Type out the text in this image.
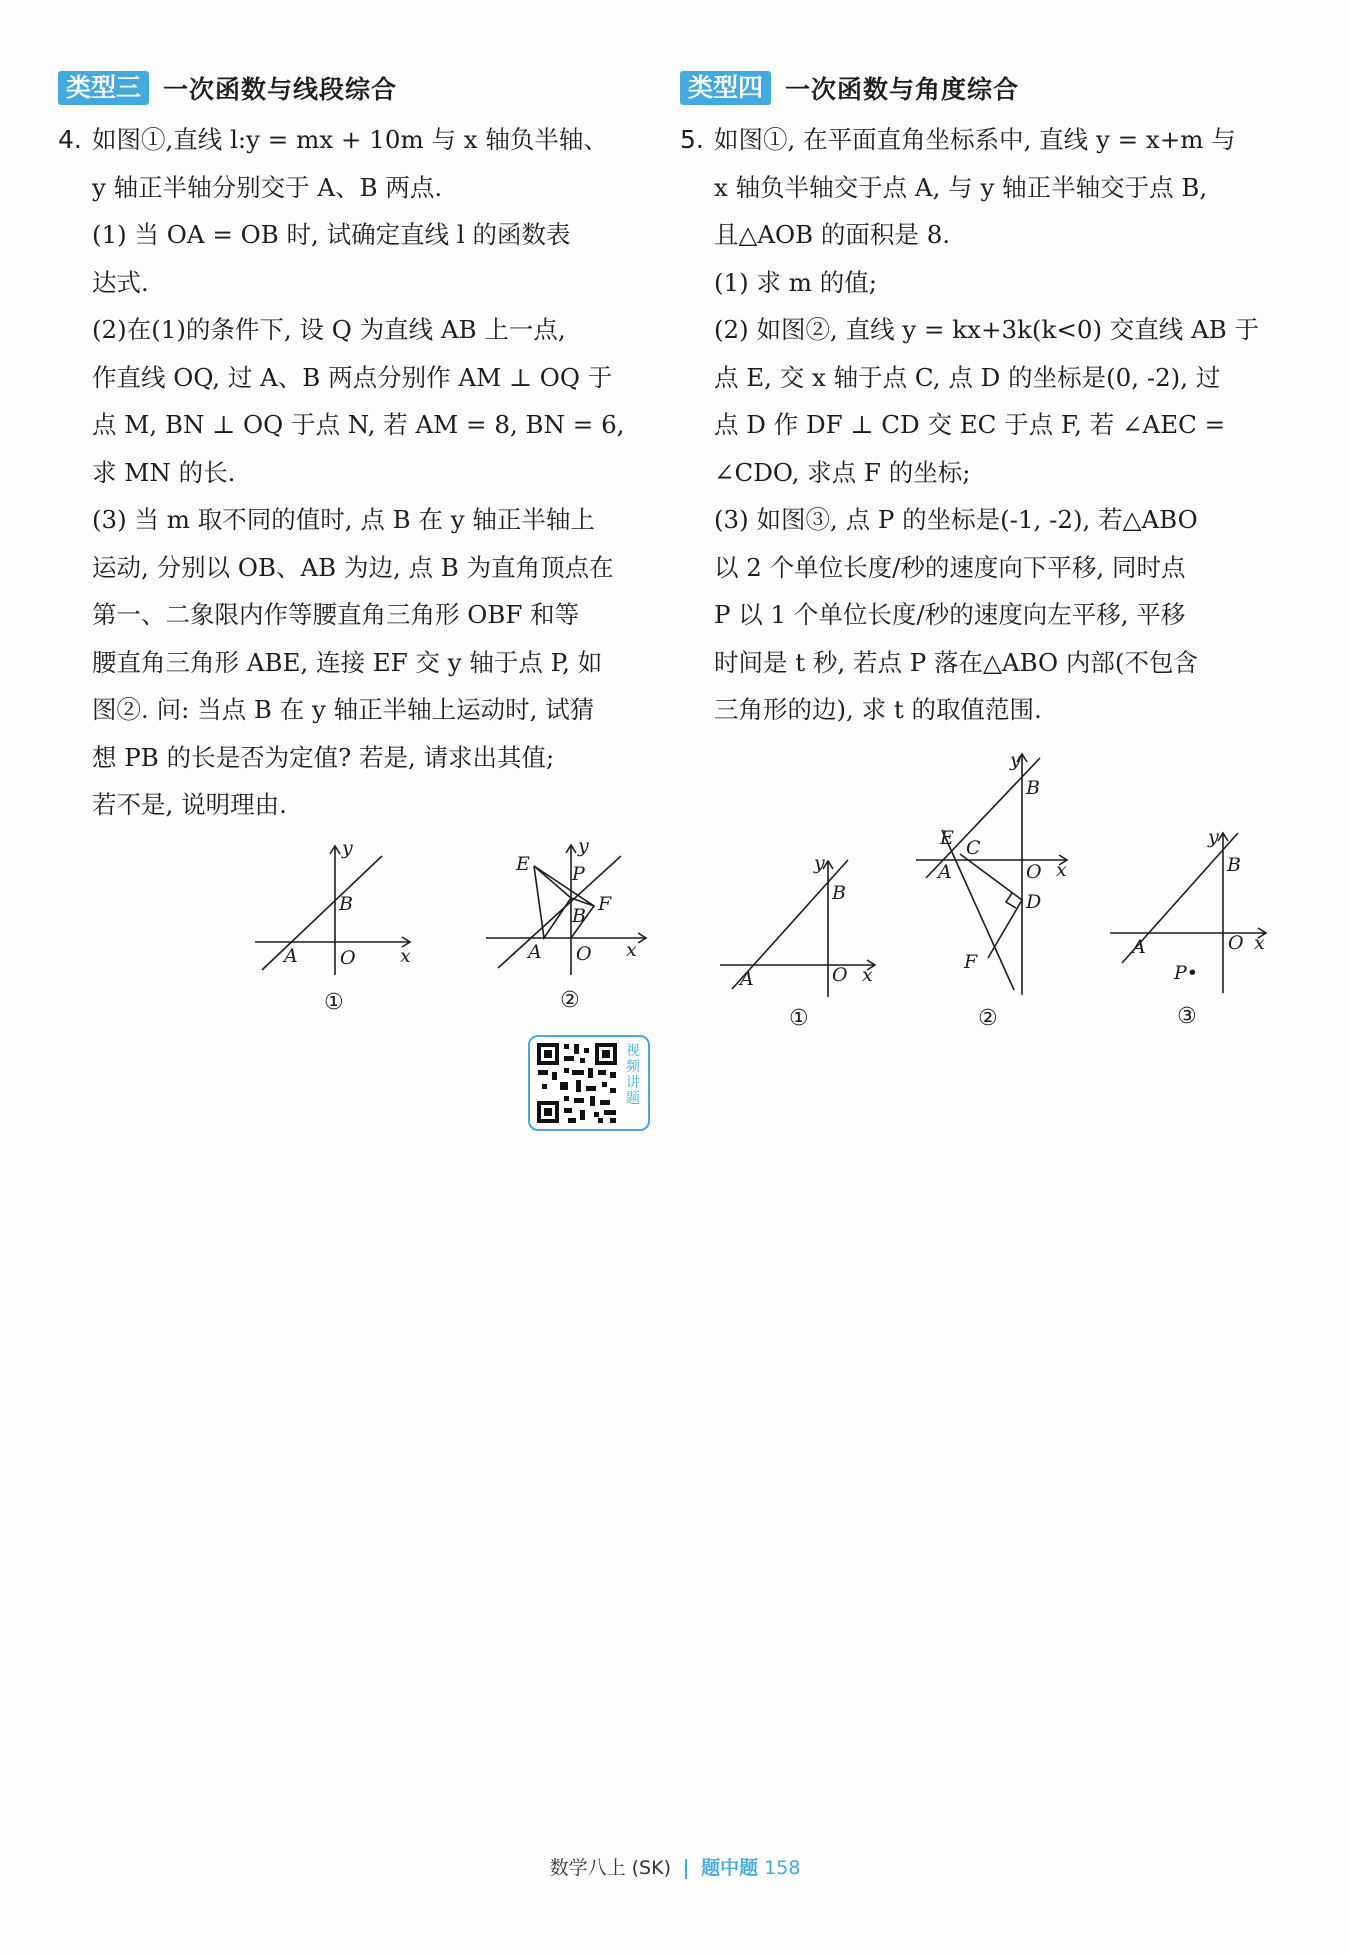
类型三 一次函数与线段综合
4. 如图①,直线 l:y = mx + 10m 与 x 轴负半轴、
y 轴正半轴分别交于 A、B 两点.
(1) 当 OA = OB 时, 试确定直线 l 的函数表
达式.
(2)在(1)的条件下, 设 Q 为直线 AB 上一点,
作直线 OQ, 过 A、B 两点分别作 AM ⊥ OQ 于
点 M, BN ⊥ OQ 于点 N, 若 AM = 8, BN = 6,
求 MN 的长.
(3) 当 m 取不同的值时, 点 B 在 y 轴正半轴上
运动, 分别以 OB、AB 为边, 点 B 为直角顶点在
第一、二象限内作等腰直角三角形 OBF 和等
腰直角三角形 ABE, 连接 EF 交 y 轴于点 P, 如
图②. 问: 当点 B 在 y 轴正半轴上运动时, 试猜
想 PB 的长是否为定值? 若是, 请求出其值;
若不是, 说明理由.
y
x
A
B
O
①
y
x
E P
F
B
A O
②
视频讲题
类型四 一次函数与角度综合
5. 如图①, 在平面直角坐标系中, 直线 y = x+m 与
x 轴负半轴交于点 A, 与 y 轴正半轴交于点 B,
且△AOB 的面积是 8.
(1) 求 m 的值;
(2) 如图②, 直线 y = kx+3k(k<0) 交直线 AB 于
点 E, 交 x 轴于点 C, 点 D 的坐标是(0, -2), 过
点 D 作 DF ⊥ CD 交 EC 于点 F, 若 ∠AEC =
∠CDO, 求点 F 的坐标;
(3) 如图③, 点 P 的坐标是(-1, -2), 若△ABO
以 2 个单位长度/秒的速度向下平移, 同时点
P 以 1 个单位长度/秒的速度向左平移, 平移
时间是 t 秒, 若点 P 落在△ABO 内部(不包含
三角形的边), 求 t 的取值范围.
y
x
A
B
O
①
y
x
B
E C
A	O
D
F
②
y
x
B
A	O
P•
③
数学八上 (SK) 题中题 158
